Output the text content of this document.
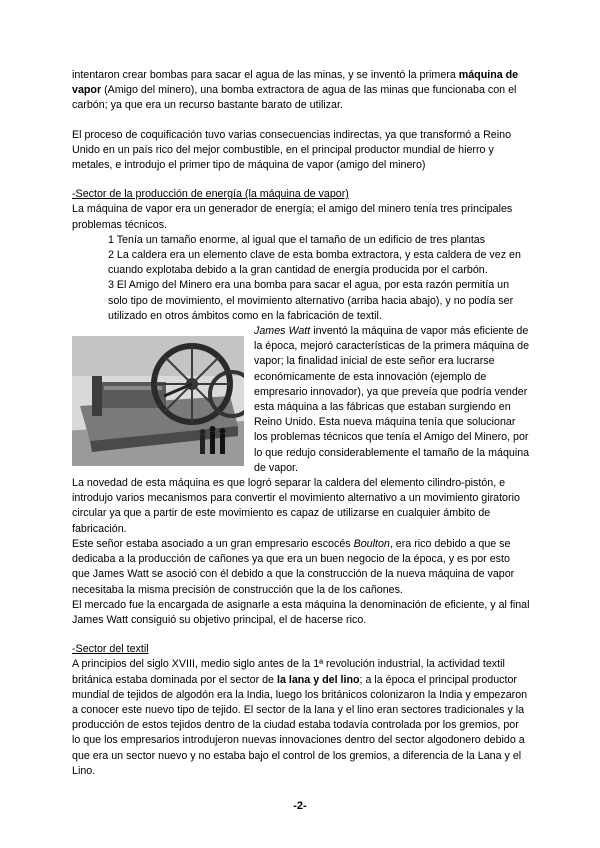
intentaron crear bombas para sacar el agua de las minas, y se inventó la primera máquina de vapor (Amigo del minero), una bomba extractora de agua de las minas que funcionaba con el carbón; ya que era un recurso bastante barato de utilizar.

El proceso de coquificación tuvo varias consecuencias indirectas, ya que transformó a Reino Unido en un país rico del mejor combustible, en el principal productor mundial de hierro y metales, e introdujo el primer tipo de máquina de vapor (amigo del minero)

-Sector de la producción de energía (la máquina de vapor)

La máquina de vapor era un generador de energía; el amigo del minero tenía tres principales problemas técnicos.

1 Tenía un tamaño enorme, al igual que el tamaño de un edificio de tres plantas

2 La caldera era un elemento clave de esta bomba extractora, y esta caldera de vez en cuando explotaba debido a la gran cantidad de energía producida por el carbón.

3 El Amigo del Minero era una bomba para sacar el agua, por esta razón permitía un solo tipo de movimiento, el movimiento alternativo (arriba hacia abajo), y no podía ser utilizado en otros ámbitos como en la fabricación de textil.

James Watt inventó la máquina de vapor más eficiente de la época, mejoró características de la primera máquina de vapor; la finalidad inicial de este señor era lucrarse económicamente de esta innovación (ejemplo de empresario innovador), ya que preveía que podría vender esta máquina a las fábricas que estaban surgiendo en Reino Unido. Esta nueva máquina tenía que solucionar los problemas técnicos que tenía el Amigo del Minero, por lo que redujo considerablemente el tamaño de la máquina de vapor.

La novedad de esta máquina es que logró separar la caldera del elemento cilindro-pistón, e introdujo varios mecanismos para convertir el movimiento alternativo a un movimiento giratorio circular ya que a partir de este movimiento es capaz de utilizarse en cualquier ámbito de fabricación.

Este señor estaba asociado a un gran empresario escocés Boulton, era rico debido a que se dedicaba a la producción de cañones ya que era un buen negocio de la época, y es por esto que James Watt se asoció con él debido a que la construcción de la nueva máquina de vapor necesitaba la misma precisión de construcción que la de los cañones.

El mercado fue la encargada de asignarle a esta máquina la denominación de eficiente, y al final James Watt consiguió su objetivo principal, el de hacerse rico.

-Sector del textil

A principios del siglo XVIII, medio siglo antes de la 1ª revolución industrial, la actividad textil británica estaba dominada por el sector de la lana y del lino; a la época el principal productor mundial de tejidos de algodón era la India, luego los británicos colonizaron la India y empezaron a conocer este nuevo tipo de tejido. El sector de la lana y el lino eran sectores tradicionales y la producción de estos tejidos dentro de la ciudad estaba todavía controlada por los gremios, por lo que los empresarios introdujeron nuevas innovaciones dentro del sector algodonero debido a que era un sector nuevo y no estaba bajo el control de los gremios, a diferencia de la Lana y el Lino.

-2-
